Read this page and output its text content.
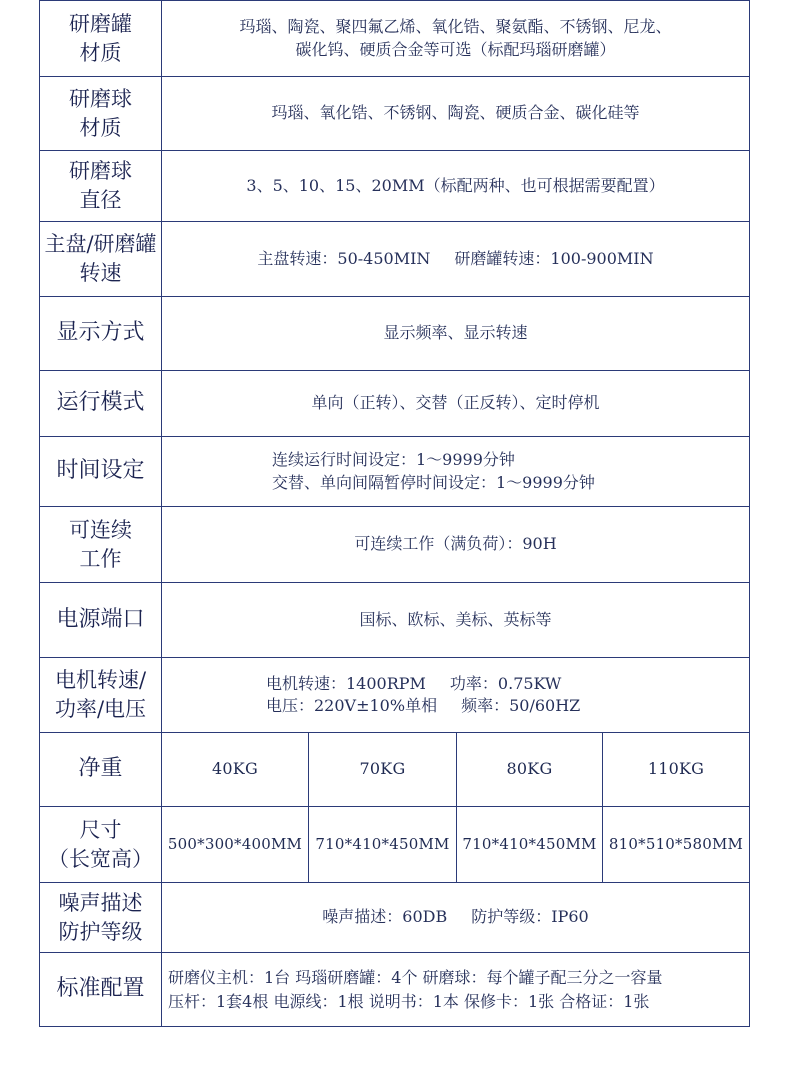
研磨罐
材质	玛瑙、陶瓷、聚四氟乙烯、氧化锆、聚氨酯、不锈钢、尼龙、
碳化钨、硬质合金等可选（标配玛瑙研磨罐）			

研磨球
材质	玛瑙、氧化锆、不锈钢、陶瓷、硬质合金、碳化硅等			

研磨球
直径	3、5、10、15、20MM（标配两种、也可根据需要配置）			

主盘/研磨罐
转速	主盘转速：50-450MIN 研磨罐转速：100-900MIN			

显示方式	显示频率、显示转速			

运行模式	单向（正转）、交替（正反转）、定时停机			

时间设定	连续运行时间设定：1～9999分钟
交替、单向间隔暂停时间设定：1～9999分钟			

可连续
工作	可连续工作（满负荷）：90H			

电源端口	国标、欧标、美标、英标等			

电机转速/
功率/电压	电机转速：1400RPM 功率：0.75KW
电压：220V±10%单相 频率：50/60HZ			

净重	40KG	70KG	80KG	110KG

尺寸
（长宽高）	500*300*400MM	710*410*450MM	710*410*450MM	810*510*580MM

噪声描述
防护等级	噪声描述：60DB 防护等级：IP60			

标准配置	研磨仪主机：1台 玛瑙研磨罐：4个 研磨球：每个罐子配三分之一容量
压杆：1套4根 电源线：1根 说明书：1本 保修卡：1张 合格证：1张			
